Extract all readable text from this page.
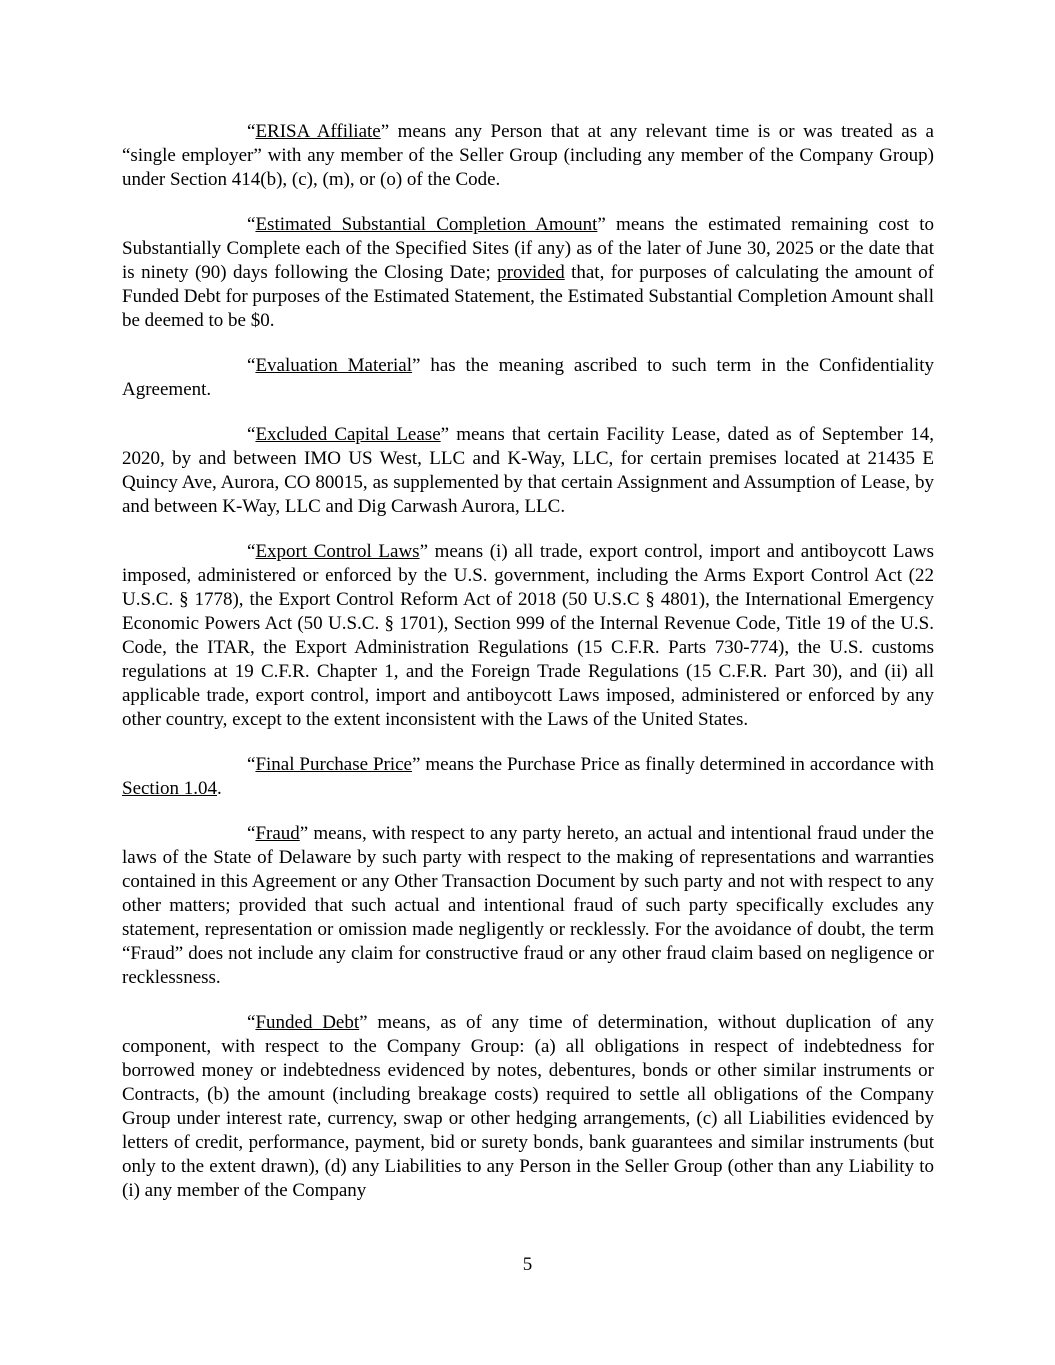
“ERISA Affiliate” means any Person that at any relevant time is or was treated as a “single employer” with any member of the Seller Group (including any member of the Company Group) under Section 414(b), (c), (m), or (o) of the Code.

“Estimated Substantial Completion Amount” means the estimated remaining cost to Substantially Complete each of the Specified Sites (if any) as of the later of June 30, 2025 or the date that is ninety (90) days following the Closing Date; provided that, for purposes of calculating the amount of Funded Debt for purposes of the Estimated Statement, the Estimated Substantial Completion Amount shall be deemed to be $0.

“Evaluation Material” has the meaning ascribed to such term in the Confidentiality Agreement.

“Excluded Capital Lease” means that certain Facility Lease, dated as of September 14, 2020, by and between IMO US West, LLC and K-Way, LLC, for certain premises located at 21435 E Quincy Ave, Aurora, CO 80015, as supplemented by that certain Assignment and Assumption of Lease, by and between K-Way, LLC and Dig Carwash Aurora, LLC.

“Export Control Laws” means (i) all trade, export control, import and antiboycott Laws imposed, administered or enforced by the U.S. government, including the Arms Export Control Act (22 U.S.C. § 1778), the Export Control Reform Act of 2018 (50 U.S.C § 4801), the International Emergency Economic Powers Act (50 U.S.C. § 1701), Section 999 of the Internal Revenue Code, Title 19 of the U.S. Code, the ITAR, the Export Administration Regulations (15 C.F.R. Parts 730-774), the U.S. customs regulations at 19 C.F.R. Chapter 1, and the Foreign Trade Regulations (15 C.F.R. Part 30), and (ii) all applicable trade, export control, import and antiboycott Laws imposed, administered or enforced by any other country, except to the extent inconsistent with the Laws of the United States.

“Final Purchase Price” means the Purchase Price as finally determined in accordance with Section 1.04.

“Fraud” means, with respect to any party hereto, an actual and intentional fraud under the laws of the State of Delaware by such party with respect to the making of representations and warranties contained in this Agreement or any Other Transaction Document by such party and not with respect to any other matters; provided that such actual and intentional fraud of such party specifically excludes any statement, representation or omission made negligently or recklessly. For the avoidance of doubt, the term “Fraud” does not include any claim for constructive fraud or any other fraud claim based on negligence or recklessness.

“Funded Debt” means, as of any time of determination, without duplication of any component, with respect to the Company Group: (a) all obligations in respect of indebtedness for borrowed money or indebtedness evidenced by notes, debentures, bonds or other similar instruments or Contracts, (b) the amount (including breakage costs) required to settle all obligations of the Company Group under interest rate, currency, swap or other hedging arrangements, (c) all Liabilities evidenced by letters of credit, performance, payment, bid or surety bonds, bank guarantees and similar instruments (but only to the extent drawn), (d) any Liabilities to any Person in the Seller Group (other than any Liability to (i) any member of the Company

5
